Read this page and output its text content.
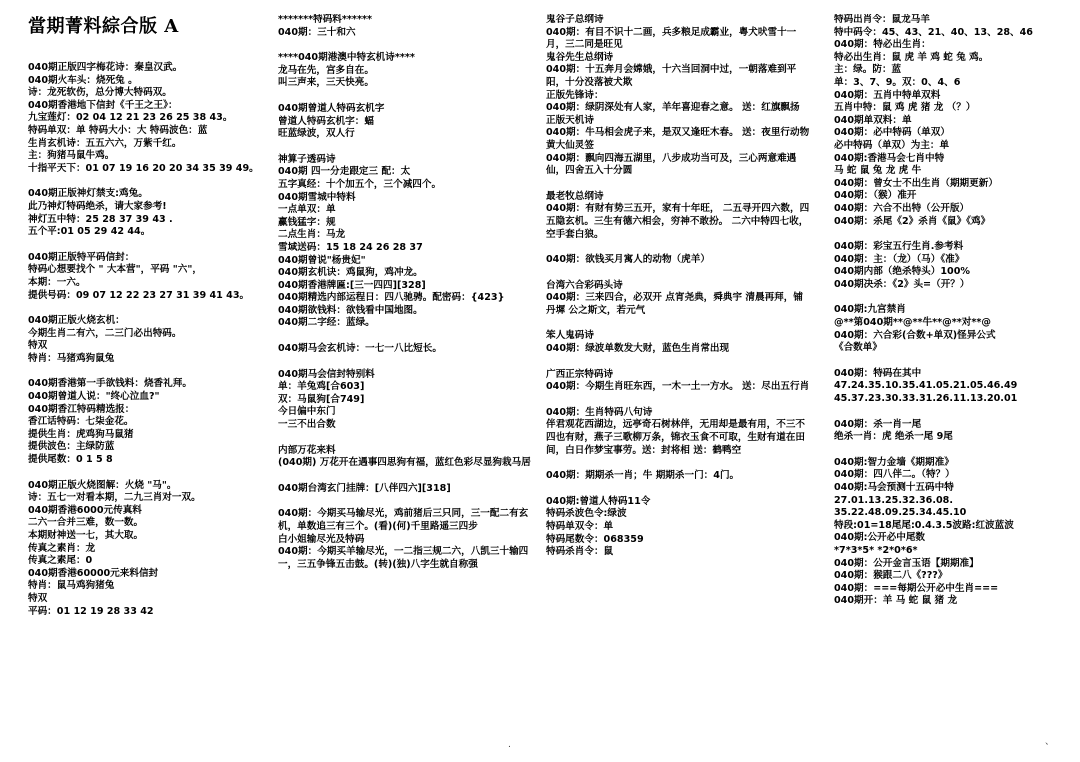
當期菁料綜合版 A
040期正版四字梅花诗：秦皇汉武。
040期火车头：烧死兔 。
诗：龙死软伤，总分博大特码双。
040期香港地下信封《千王之王》：
九宝莲灯：02 04 12 21 23 26 25 38 43。
特码单双：单 特码大小：大 特码波色：蓝
生肖玄机诗：五五六六，万紫千红。
主：狗猪马鼠牛鸡。
十指平天下：01 07 19 16 20 20 34 35 39 49。
040期正版神灯禁支:鸡兔。
此乃神灯特码绝杀，请大家参考!
神灯五中特：25 28 37 39 43 .
五个平:01 05 29 42 44。
040期正版特平码信封：
特码心想要找个 " 大本营"，平码 "六"，
本期：一六。
提供号码：09 07 12 22 23 27 31 39 41 43。
040期正版火烧玄机：
今期生肖二有六，二三门必出特码。
特双
特肖：马猪鸡狗鼠兔
040期香港第一手欲钱料：烧香礼拜。
040期曾道人说："终心泣血?"
040期香江特码精选报：
香江话特码：七柒金花。
提供生肖：虎鸡狗马鼠猪
提供波色：主绿防蓝
提供尾数：0 1 5 8
040期正版火烧图解：火烧 "马"。
诗：五七一对看本期，二九三肖对一双。
040期香港6000元传真料
二六一合并三难，数一数。
本期财神送一七，其大取。
传真之素肖：龙
传真之素尾：0
040期香港60000元来料信封
特肖：鼠马鸡狗猪兔
特双
平码：01 12 19 28 33 42
*******特码料******
040期：三十和六
****040期港澳中特玄机诗****
龙马在先，宫多自在。
叫三声来，三天快亮。
040期曾道人特码玄机字
曾道人特码玄机字：蝠
旺蓝绿波，双人行
神算子透码诗
040期 四一分走跟定三 配：太
五字真经：十个加五个，三个减四个。
040期雪城中特料
一点单双：单
赢钱猛字：规
二点生肖：马龙
雪域送码：15 18 24 26 28 37
040期曾说"杨贵妃"
040期玄机诀：鸡鼠狗，鸡冲龙。
040期香港牌匾:[三一四四][328]
040期精选内部运程日：四八驰骋。配密码：{423}
040期欲钱料：欲钱看中国地图。
040期二字经：蓝绿。
040期马会玄机诗：一七一八比短长。
040期马会信封特别料
单：羊兔鸡[合603]
双：马鼠狗[合749]
今日偏中东门
一三不出合数
内部万花来料
(040期) 万花开在遇事四思狗有福，蓝红色彩尽显狗栽马居
040期台湾玄门挂牌：[八伴四六][318]
040期：今期买马输尽光，鸡前猪后三只同，三一配二有玄机，单数追三有三个。(看)(何)千里路遥三四步
白小姐输尽光及特码
040期：今期买羊输尽光，一二指三规二六，八凯三十输四一，三五争锋五击鼓。(转)(独)八字生就自称强
鬼谷子总纲诗
040期：有目不识十二画，兵多粮足成霸业，粤犬吠雪十一月，三二同是旺见
鬼谷先生总纲诗
040期：十五奔月会嫦娥，十六当回洞中过，一朝落难到平阳，十分没落被犬欺
正版先锋诗：
040期：绿阴深处有人家，羊年喜迎春之意。 送：红旗飘扬
正版天机诗
040期：牛马相会虎子来，是双又逢旺木春。 送：夜里行动物
黄大仙灵签
040期：飘向四海五湖里，八步成功当可及，三心两意难遇仙，四舍五入十分圆
最老牧总纲诗
040期：有财有势三五开，家有十年旺， 二五寻开四六数，四五隐玄机。三生有德六相会，穷神不敢扮。 二六中特四七收，空手套白狼。
040期：欲钱买月寓人的动物（虎羊）
台湾六合彩码头诗
040期：三来四合，必双开 点宵尧典，舜典宇 清晨再拜，铺丹墀 公之斯文，若元气
笨人鬼码诗
040期：绿波单数发大财，蓝色生肖常出现
广西正宗特码诗
040期：今期生肖旺东西，一木一土一方水。 送：尽出五行肖
040期：生肖特码八句诗
伴君观花西湖边，远亭奇石树林伴，无用却是最有用，不三不四也有财，燕子三歌柳万条，锦衣玉食不可取，生财有道在田间，白日作梦宝事劳。送：封将相 送：鹤鸭空
040期：期期杀一肖；牛 期期杀一门：4门。
040期:曾道人特码11令
特码杀波色令:绿波
特码单双令：单
特码尾数令：068359
特码杀肖令：鼠
特码出肖令：鼠龙马羊
特中码令：45、43、21、40、13、28、46
040期：特必出生肖：
特必出生肖：鼠 虎 羊 鸡 蛇 兔 鸡。
主：绿。防：蓝
单：3、7、9。双：0、4、6
040期：五肖中特单双料
五肖中特：鼠 鸡 虎 猪 龙 （？）
040期单双料：单
040期：必中特码（单双）
必中特码（单双）为主：单
040期:香港马会七肖中特
马 蛇 鼠 兔 龙 虎 牛
040期：曾女士不出生肖（期期更新）
040期：（猴）准开
040期：六合不出特（公开版）
040期：杀尾《2》杀肖《鼠》《鸡》
040期：彩宝五行生肖.参考料
040期：主：（龙）（马）《准》
040期内部（绝杀特头）100%
040期决杀：《2》头=（开？）
040期:九宫禁肖
@**第040期**@**牛**@**对**@
040期：六合彩(合数+单双)怪异公式
《合数单》
040期：特码在其中
47.24.35.10.35.41.05.21.05.46.49
45.37.23.30.33.31.26.11.13.20.01
040期：杀一肖一尾
绝杀一肖：虎 绝杀一尾 9尾
040期:智力金墙《期期准》
040期：四八伴二。（特？）
040期:马会预测十五码中特
27.01.13.25.32.36.08.
35.22.48.09.25.34.45.10
特段:01=18尾尾:0.4.3.5波路:红波蓝波
040期:公开必中尾数
*7*3*5* *2*0*6*
040期：公开金言玉语【期期准】
040期：猴跟二八《???》
040期：===每期公开必中生肖===
040期开：羊 马 蛇 鼠 猪 龙
.	、
